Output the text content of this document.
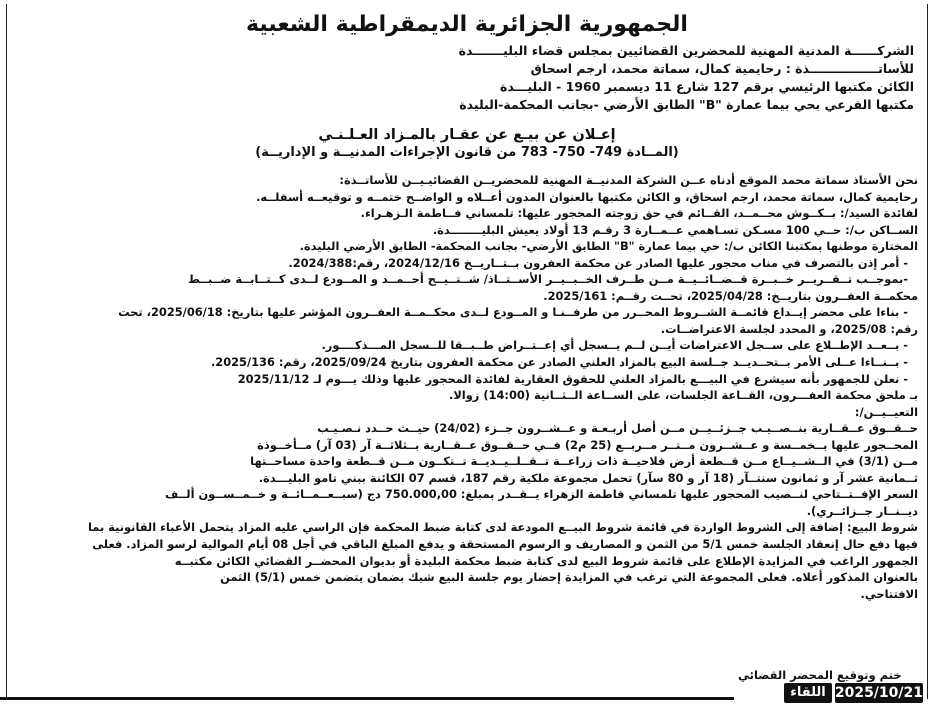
الجمهورية الجزائرية الديمقراطية الشعبية
الشركــــــة المدنية المهنية للمحضرين القضائيين بمجلس قضاء البليـــــــدة
للأساتــــــــــــــــذة : رحايمية كمال، سماتة محمد، ارجم اسحاق
الكائن مكتبها الرئيسي برقم 127 شارع 11 ديسمبر 1960 - البليـــدة
مكتبها الفرعي بحي بيما عمارة "B" الطابق الأرضي -بجانب المحكمة-البليدة
إعـلان عن بيـع عن عقـار بالمـزاد العـلـنـي
(المــادة 749- 750- 783 من قانون الإجراءات المدنيــة و الإداريــة)
نحن الأستاذ سماتة محمد الموقع أدناه عــن الشركة المدنيــة المهنية للمحضريــن القضائيـيــن للأساتــذة:
رحايمية كمال، سماتة محمد، ارجم اسحاق، و الكائن مكتبها بالعنوان المدون أعــلاه و الواضــح ختمــه و توقيعــه أسفلــه.
لفائدة السيد/: بــكــوش محــمــد، القــائم في حق زوجته المحجور عليها: تلمساني فــاطمة الـزهـراء.
الســاكن ب/: حــي 100 مسـكن تسـاهمي عــمــارة 3 رقـم 13 أولاد يعيش البليــــــــدة.
المختارة موطنها بمكتبنا الكائن ب/: حي بيما عمارة "B" الطابق الأرضي- بجانب المحكمة- الطابق الأرضي البليدة.
- أمر إذن بالتصرف في مناب محجور عليها الصادر عن محكمة العفرون بــتــاريــخ 2024/12/16، رقم:2024/388.
-بموجــب تــقــريــر خــبــرة قــضــائــيــة مــن طــرف الخــبــيــر الأســتــاذ/ شــتــيــح أحــمــد و المــودع لــدى كــتــابــة ضــبــط
محكمــة العفــرون بتاريــخ: 2025/04/28، تحــت رقــم: 2025/161.
- بناءا على محضر إيــداع قائمــة الشــروط المحــرر من طرفــنـا و المــودع لــدى محكــمــة العفــرون المؤشر عليها بتاريخ: 2025/06/18، تحت
رقم: 2025/08، و المحدد لجلسة الاعتراضــات.
- بــعــد الإطــلاع على ســجل الاعتراضات أيــن لــم يــسجل أي إعــتــراض طــبــقا للــسجل المـــذكــــور.
- بــنــاءا عــلى الأمر بــتحــديــد جــلسة البيع بالمزاد العلني الصادر عن محكمة العفرون بتاريخ 2025/09/24، رقم: 2025/136.
- نعلن للجمهور بأنه سيشرع في البيـــع بالمزاد العلني للحقوق العقارية لفائدة المحجور عليها وذلك يـــوم لـ 2025/11/12
بـ ملحق محكمة العفـــرون، القــاعة الجلسات، على الســاعة الــثــانية (14:00) زوالا.
التعيــيــن/:
حــقــوق عــقــارية بنــصــيـب جــزئــيــن مــن أصل أربـعـة و عــشــرون جــزء (24/02) حيــث حــدد نـصـيـب
المحــجور عليها بــخمــسة و عــشــرون مــتــر مــربــع (25 م2) فــي حــقــوق عــقــارية بــثلاثــة آر (03 آر) مــأخــوذة
مــن (3/1) في الــشــيــاع مــن قــطعة أرض فلاحيــة ذات زراعــة تــقــلــيــديــة تــتكــون مــن قــطعة واحدة مساحــتها
ثــمانية عشر آر و ثمانون سنتــآر (18 آر و 80 سآر) تحمل مجموعة ملكية رقم 187، قسم 07 الكائنة ببني تامو البليـــدة.
السعر الإفــتــتاحي لنــصيب المحجور عليها تلمساني فاطمة الزهراء يــقــدر بمبلغ: 750.000,00 دج (سبــعــمــائــة و خــمــســون ألــف
ديــنــار جــزائــري).
شروط البيع: إضافة إلى الشروط الواردة في قائمة شروط البيــع المودعة لدى كتابة ضبط المحكمة فإن الراسي عليه المزاد يتحمل الأعباء القانونية بما
فيها دفع حال إنعقاد الجلسة خمس 5/1 من الثمن و المصاريف و الرسوم المستحقة و يدفع المبلغ الباقي في أجل 08 أيام الموالية لرسو المزاد. فعلى
الجمهور الراغب في المزايدة الإطلاع على قائمة شروط البيع لدى كتابة ضبط محكمة البليدة أو بديوان المحضــر القضائي الكائن مكتبــه
بالعنوان المذكور أعلاه. فعلى المجموعة التي ترغب في المزايدة إحضار يوم جلسة البيع شيك بضمان يتضمن خمس (5/1) الثمن
الافتتاحي.
ختم وتوقيع المحضر القضائي
اللقاء 2025/10/21
